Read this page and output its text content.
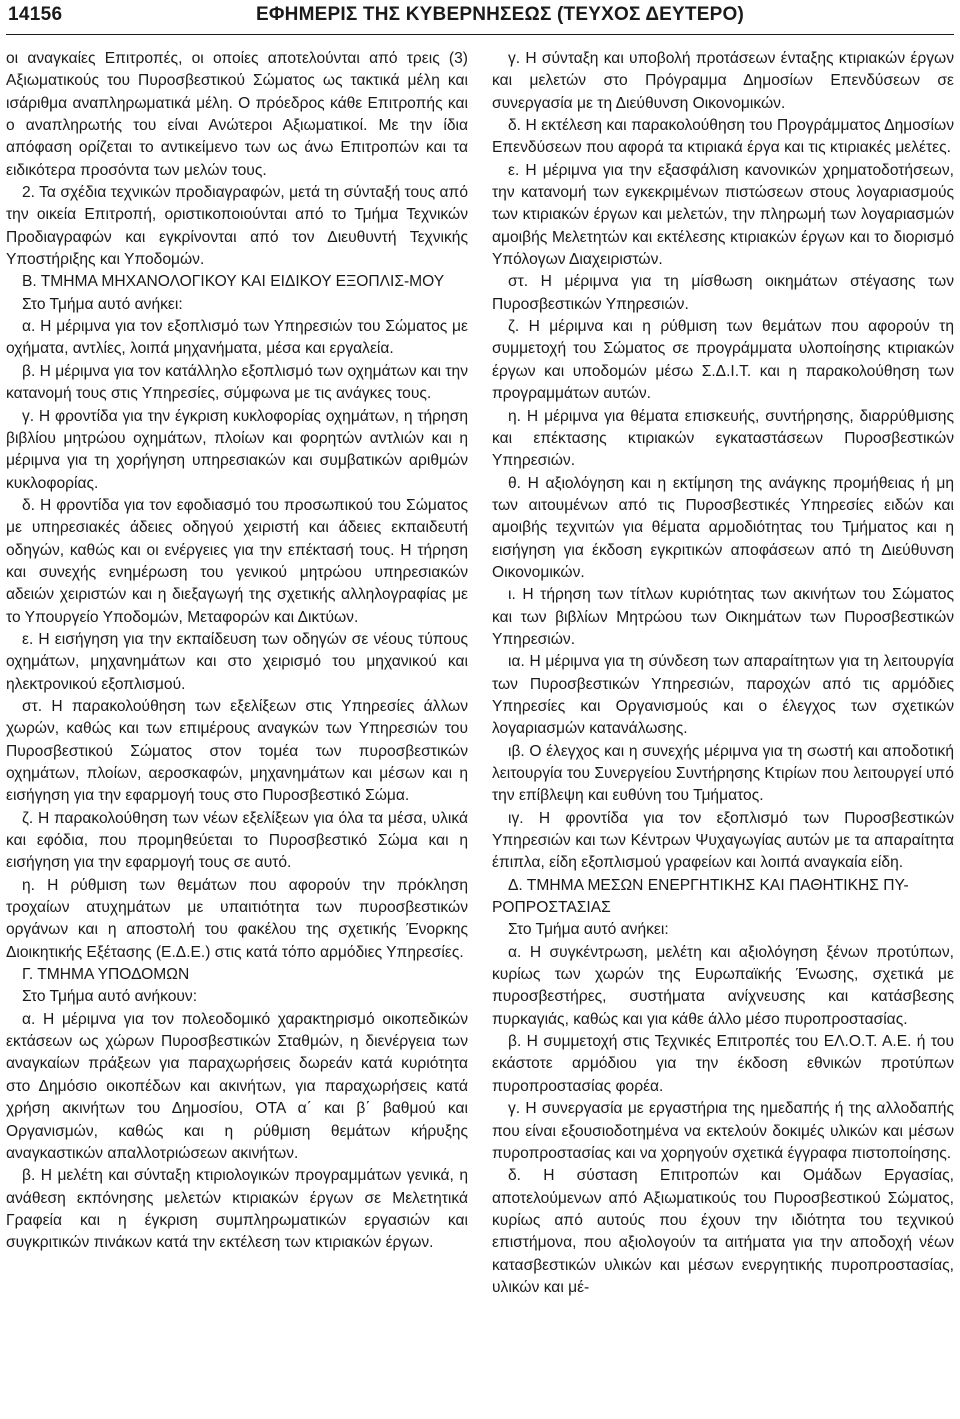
14156	ΕΦΗΜΕΡΙΣ ΤΗΣ ΚΥΒΕΡΝΗΣΕΩΣ (ΤΕΥΧΟΣ ΔΕΥΤΕΡΟ)

οι αναγκαίες Επιτροπές, οι οποίες αποτελούνται από τρεις (3) Αξιωματικούς του Πυροσβεστικού Σώματος ως τακτικά μέλη και ισάριθμα αναπληρωματικά μέλη. Ο πρόεδρος κάθε Επιτροπής και ο αναπληρωτής του είναι Ανώτεροι Αξιωματικοί. Με την ίδια απόφαση ορίζεται το αντικείμενο των ως άνω Επιτροπών και τα ειδικότερα προσόντα των μελών τους.

2. Τα σχέδια τεχνικών προδιαγραφών, μετά τη σύνταξή τους από την οικεία Επιτροπή, οριστικοποιούνται από το Τμήμα Τεχνικών Προδιαγραφών και εγκρίνονται από τον Διευθυντή Τεχνικής Υποστήριξης και Υποδομών.

Β. ΤΜΗΜΑ ΜΗΧΑΝΟΛΟΓΙΚΟΥ ΚΑΙ ΕΙΔΙΚΟΥ ΕΞΟΠΛΙΣ-ΜΟΥ

Στο Τμήμα αυτό ανήκει:

α. Η μέριμνα για τον εξοπλισμό των Υπηρεσιών του Σώματος με οχήματα, αντλίες, λοιπά μηχανήματα, μέσα και εργαλεία.

β. Η μέριμνα για τον κατάλληλο εξοπλισμό των οχημάτων και την κατανομή τους στις Υπηρεσίες, σύμφωνα με τις ανάγκες τους.

γ. Η φροντίδα για την έγκριση κυκλοφορίας οχημάτων, η τήρηση βιβλίου μητρώου οχημάτων, πλοίων και φορητών αντλιών και η μέριμνα για τη χορήγηση υπηρεσιακών και συμβατικών αριθμών κυκλοφορίας.

δ. Η φροντίδα για τον εφοδιασμό του προσωπικού του Σώματος με υπηρεσιακές άδειες οδηγού χειριστή και άδειες εκπαιδευτή οδηγών, καθώς και οι ενέργειες για την επέκτασή τους. Η τήρηση και συνεχής ενημέρωση του γενικού μητρώου υπηρεσιακών αδειών χειριστών και η διεξαγωγή της σχετικής αλληλογραφίας με το Υπουργείο Υποδομών, Μεταφορών και Δικτύων.

ε. Η εισήγηση για την εκπαίδευση των οδηγών σε νέους τύπους οχημάτων, μηχανημάτων και στο χειρισμό του μηχανικού και ηλεκτρονικού εξοπλισμού.

στ. Η παρακολούθηση των εξελίξεων στις Υπηρεσίες άλλων χωρών, καθώς και των επιμέρους αναγκών των Υπηρεσιών του Πυροσβεστικού Σώματος στον τομέα των πυροσβεστικών οχημάτων, πλοίων, αεροσκαφών, μηχανημάτων και μέσων και η εισήγηση για την εφαρμογή τους στο Πυροσβεστικό Σώμα.

ζ. Η παρακολούθηση των νέων εξελίξεων για όλα τα μέσα, υλικά και εφόδια, που προμηθεύεται το Πυροσβεστικό Σώμα και η εισήγηση για την εφαρμογή τους σε αυτό.

η. Η ρύθμιση των θεμάτων που αφορούν την πρόκληση τροχαίων ατυχημάτων με υπαιτιότητα των πυροσβεστικών οργάνων και η αποστολή του φακέλου της σχετικής Ένορκης Διοικητικής Εξέτασης (Ε.Δ.Ε.) στις κατά τόπο αρμόδιες Υπηρεσίες.

Γ. ΤΜΗΜΑ ΥΠΟΔΟΜΩΝ

Στο Τμήμα αυτό ανήκουν:

α. Η μέριμνα για τον πολεοδομικό χαρακτηρισμό οικοπεδικών εκτάσεων ως χώρων Πυροσβεστικών Σταθμών, η διενέργεια των αναγκαίων πράξεων για παραχωρήσεις δωρεάν κατά κυριότητα στο Δημόσιο οικοπέδων και ακινήτων, για παραχωρήσεις κατά χρήση ακινήτων του Δημοσίου, ΟΤΑ α΄ και β΄ βαθμού και Οργανισμών, καθώς και η ρύθμιση θεμάτων κήρυξης αναγκαστικών απαλλοτριώσεων ακινήτων.

β. Η μελέτη και σύνταξη κτιριολογικών προγραμμάτων γενικά, η ανάθεση εκπόνησης μελετών κτιριακών έργων σε Μελετητικά Γραφεία και η έγκριση συμπληρωματικών εργασιών και συγκριτικών πινάκων κατά την εκτέλεση των κτιριακών έργων.

γ. Η σύνταξη και υποβολή προτάσεων ένταξης κτιριακών έργων και μελετών στο Πρόγραμμα Δημοσίων Επενδύσεων σε συνεργασία με τη Διεύθυνση Οικονομικών.

δ. Η εκτέλεση και παρακολούθηση του Προγράμματος Δημοσίων Επενδύσεων που αφορά τα κτιριακά έργα και τις κτιριακές μελέτες.

ε. Η μέριμνα για την εξασφάλιση κανονικών χρηματοδοτήσεων, την κατανομή των εγκεκριμένων πιστώσεων στους λογαριασμούς των κτιριακών έργων και μελετών, την πληρωμή των λογαριασμών αμοιβής Μελετητών και εκτέλεσης κτιριακών έργων και το διορισμό Υπόλογων Διαχειριστών.

στ. Η μέριμνα για τη μίσθωση οικημάτων στέγασης των Πυροσβεστικών Υπηρεσιών.

ζ. Η μέριμνα και η ρύθμιση των θεμάτων που αφορούν τη συμμετοχή του Σώματος σε προγράμματα υλοποίησης κτιριακών έργων και υποδομών μέσω Σ.Δ.Ι.Τ. και η παρακολούθηση των προγραμμάτων αυτών.

η. Η μέριμνα για θέματα επισκευής, συντήρησης, διαρρύθμισης και επέκτασης κτιριακών εγκαταστάσεων Πυροσβεστικών Υπηρεσιών.

θ. Η αξιολόγηση και η εκτίμηση της ανάγκης προμήθειας ή μη των αιτουμένων από τις Πυροσβεστικές Υπηρεσίες ειδών και αμοιβής τεχνιτών για θέματα αρμοδιότητας του Τμήματος και η εισήγηση για έκδοση εγκριτικών αποφάσεων από τη Διεύθυνση Οικονομικών.

ι. Η τήρηση των τίτλων κυριότητας των ακινήτων του Σώματος και των βιβλίων Μητρώου των Οικημάτων των Πυροσβεστικών Υπηρεσιών.

ια. Η μέριμνα για τη σύνδεση των απαραίτητων για τη λειτουργία των Πυροσβεστικών Υπηρεσιών, παροχών από τις αρμόδιες Υπηρεσίες και Οργανισμούς και ο έλεγχος των σχετικών λογαριασμών κατανάλωσης.

ιβ. Ο έλεγχος και η συνεχής μέριμνα για τη σωστή και αποδοτική λειτουργία του Συνεργείου Συντήρησης Κτιρίων που λειτουργεί υπό την επίβλεψη και ευθύνη του Τμήματος.

ιγ. Η φροντίδα για τον εξοπλισμό των Πυροσβεστικών Υπηρεσιών και των Κέντρων Ψυχαγωγίας αυτών με τα απαραίτητα έπιπλα, είδη εξοπλισμού γραφείων και λοιπά αναγκαία είδη.

Δ. ΤΜΗΜΑ ΜΕΣΩΝ ΕΝΕΡΓΗΤΙΚΗΣ ΚΑΙ ΠΑΘΗΤΙΚΗΣ ΠΥ-ΡΟΠΡΟΣΤΑΣΙΑΣ

Στο Τμήμα αυτό ανήκει:

α. Η συγκέντρωση, μελέτη και αξιολόγηση ξένων προτύπων, κυρίως των χωρών της Ευρωπαϊκής Ένωσης, σχετικά με πυροσβεστήρες, συστήματα ανίχνευσης και κατάσβεσης πυρκαγιάς, καθώς και για κάθε άλλο μέσο πυροπροστασίας.

β. Η συμμετοχή στις Τεχνικές Επιτροπές του ΕΛ.Ο.Τ. Α.Ε. ή του εκάστοτε αρμόδιου για την έκδοση εθνικών προτύπων πυροπροστασίας φορέα.

γ. Η συνεργασία με εργαστήρια της ημεδαπής ή της αλλοδαπής που είναι εξουσιοδοτημένα να εκτελούν δοκιμές υλικών και μέσων πυροπροστασίας και να χορηγούν σχετικά έγγραφα πιστοποίησης.

δ. Η σύσταση Επιτροπών και Ομάδων Εργασίας, αποτελούμενων από Αξιωματικούς του Πυροσβεστικού Σώματος, κυρίως από αυτούς που έχουν την ιδιότητα του τεχνικού επιστήμονα, που αξιολογούν τα αιτήματα για την αποδοχή νέων κατασβεστικών υλικών και μέσων ενεργητικής πυροπροστασίας, υλικών και μέ-
